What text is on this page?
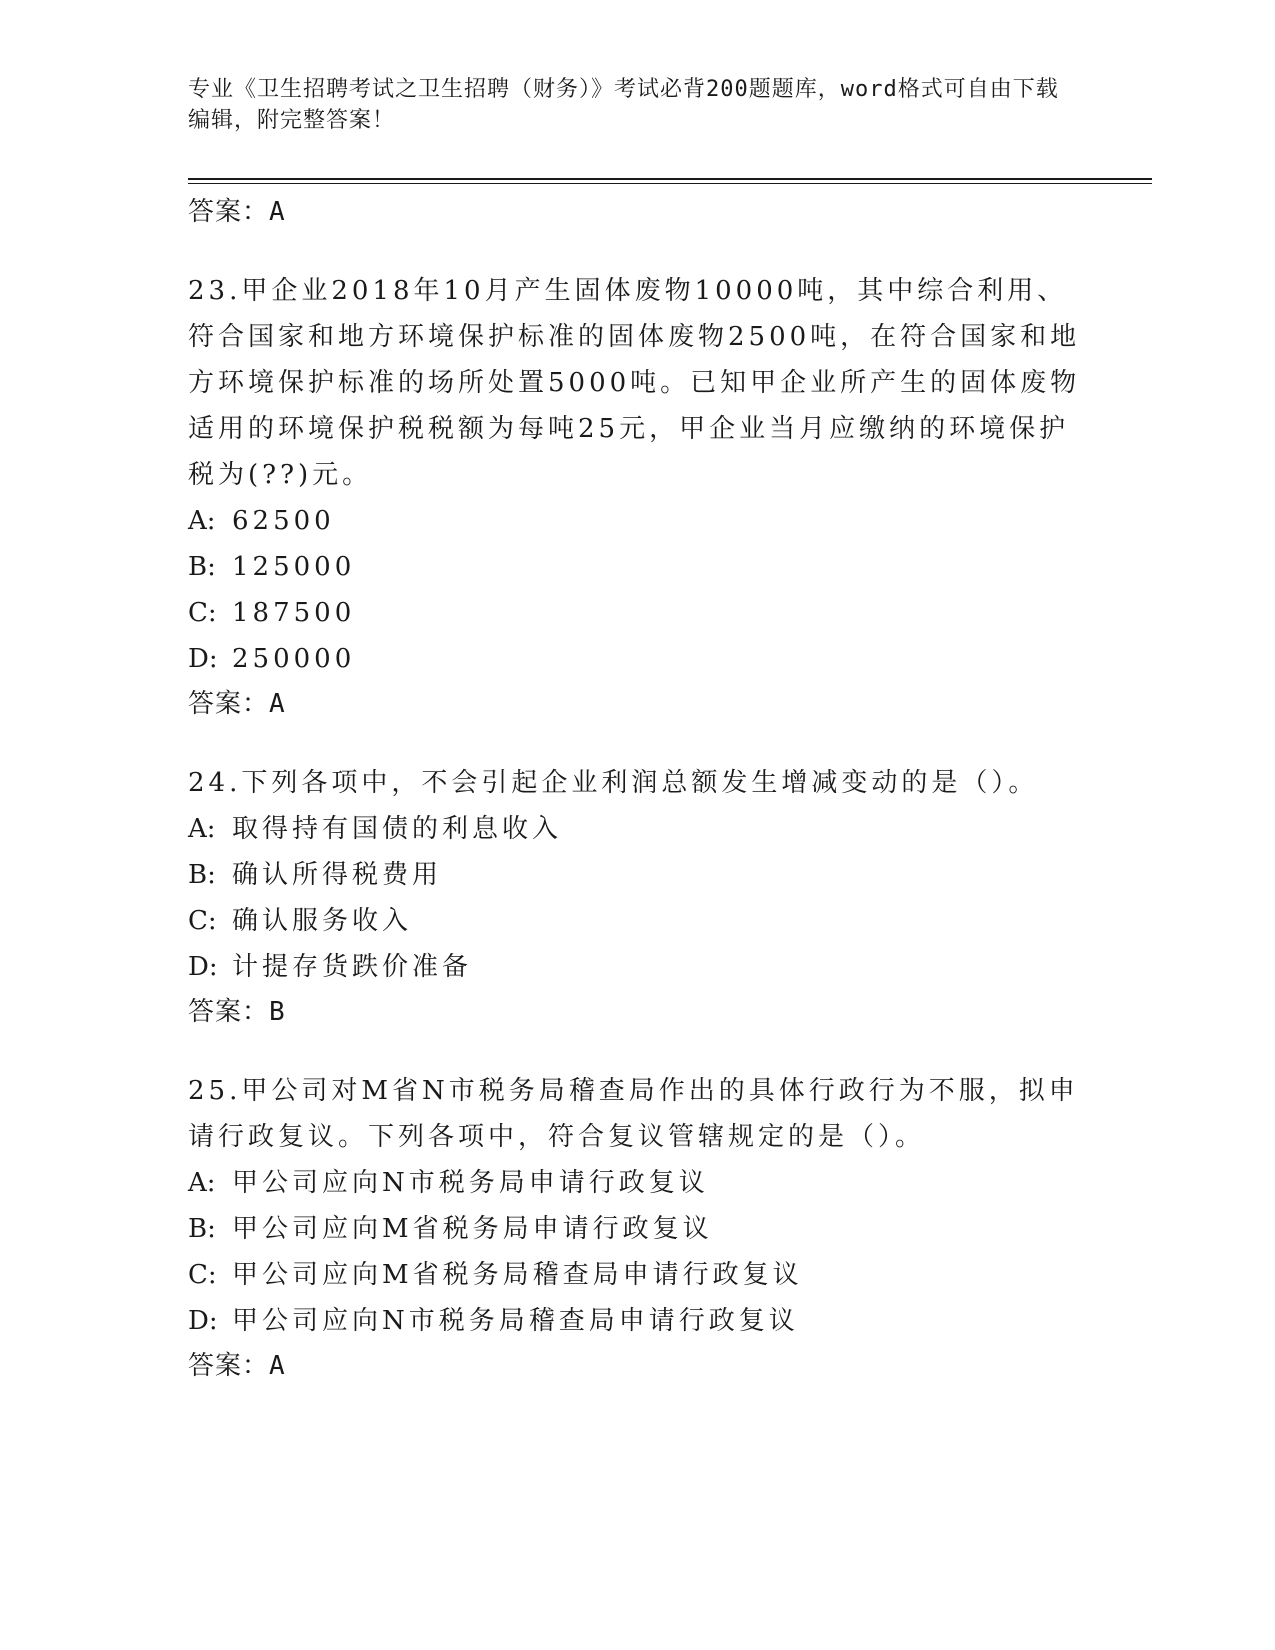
专业《卫生招聘考试之卫生招聘（财务）》考试必背200题题库，word格式可自由下载编辑，附完整答案！
答案：A

23.甲企业2018年10月产生固体废物10000吨，其中综合利用、符合国家和地方环境保护标准的固体废物2500吨，在符合国家和地方环境保护标准的场所处置5000吨。已知甲企业所产生的固体废物适用的环境保护税税额为每吨25元，甲企业当月应缴纳的环境保护税为(??)元。

A: 62500
B: 125000
C: 187500
D: 250000
答案：A

24.下列各项中，不会引起企业利润总额发生增减变动的是（）。

A: 取得持有国债的利息收入
B: 确认所得税费用
C: 确认服务收入
D: 计提存货跌价准备
答案：B

25.甲公司对M省N市税务局稽查局作出的具体行政行为不服，拟申请行政复议。下列各项中，符合复议管辖规定的是（）。

A: 甲公司应向N市税务局申请行政复议
B: 甲公司应向M省税务局申请行政复议
C: 甲公司应向M省税务局稽查局申请行政复议
D: 甲公司应向N市税务局稽查局申请行政复议
答案：A
